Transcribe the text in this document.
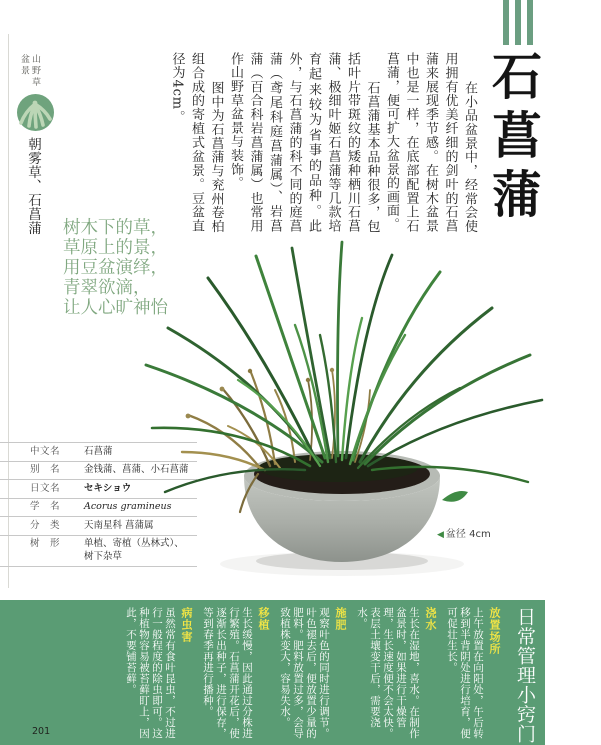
山野草
盆景
朝雾草、石菖蒲	石菖蒲

在小品盆景中，经常会使用拥有优美纤细的剑叶的石菖蒲来展现季节感。在树木盆景中也是一样，在底部配置上石菖蒲，便可扩大盆景的画面。

石菖蒲基本品种很多，包括叶片带斑纹的矮种栖川石菖蒲、极细叶姬石菖蒲等几款培育起来较为省事的品种。此外，与石菖蒲的科不同的庭菖蒲（鸢尾科庭菖蒲属）、岩菖蒲（百合科岩菖蒲属）也常用作山野草盆景与装饰。

图中为石菖蒲与兖州卷柏组合成的寄植式盆景。豆盆直径为4cm。

树木下的草，
草原上的景，
用豆盆演绎，
青翠欲滴，
让人心旷神怡
中文名	石菖蒲
别　名	金钱蒲、菖蒲、小石菖蒲
日文名	セキショウ
学　名	Acorus gramineus
分　类	天南星科 菖蒲属
树　形	单植、寄植（丛林式）、树下杂草
◀ 盆径 4cm
日常管理小窍门
放置场所
上午放置在向阳处，午后转移到半背阴处进行培育，便可促壮生长。
浇水
生长在湿地，喜水。在制作盆景时，如果进行干燥管理，生长速度便不会太快。表层土壤变干后，需要浇水。
施肥
观察叶色的同时进行调节。叶色褪去后，便放置少量的肥料。肥料放置过多，会导致植株变大，容易失水。
移植
生长缓慢，因此通过分株进行繁殖。石菖蒲开花后，使逐渐长出种子，进行保存，等到春季再进行播种。
病虫害
虽然常有食叶昆虫，不过进行一般程度的除虫即可。这种植物容易被苔藓盯上，因此，不要铺苔藓。
201
